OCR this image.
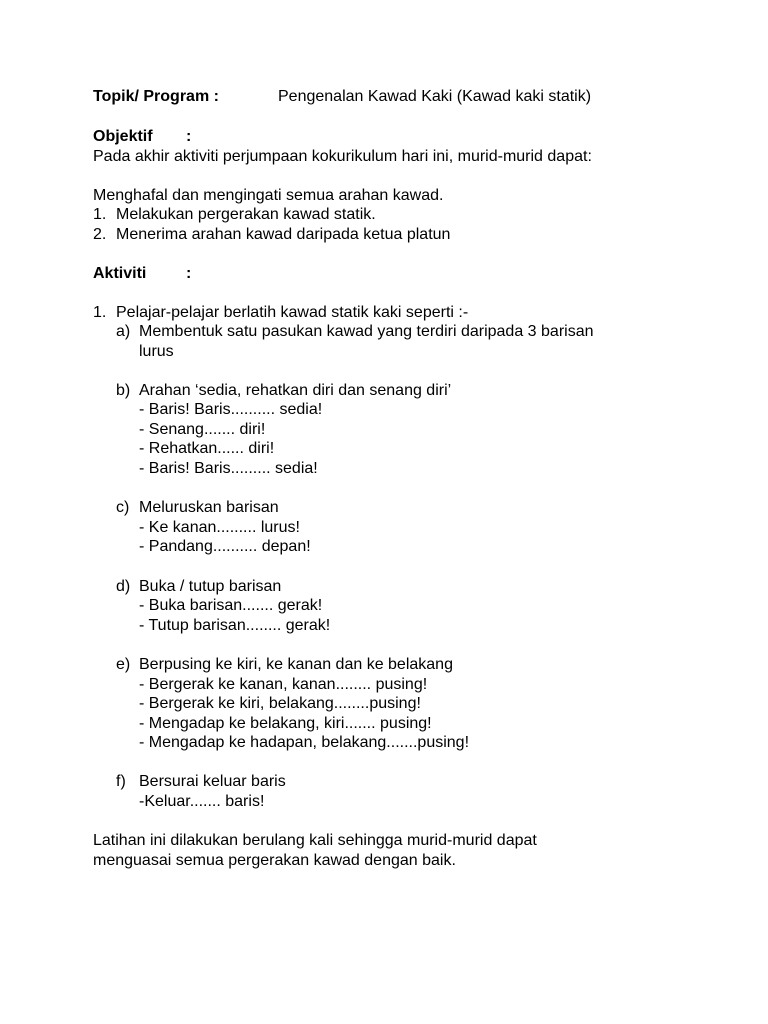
Topik/ Program :	Pengenalan Kawad Kaki (Kawad kaki statik)
Objektif :
Pada akhir aktiviti perjumpaan kokurikulum hari ini, murid-murid dapat:
Menghafal dan mengingati semua arahan kawad.
1. Melakukan pergerakan kawad statik.
2. Menerima arahan kawad daripada ketua platun
Aktiviti :
1. Pelajar-pelajar berlatih kawad statik kaki seperti :-
a) Membentuk satu pasukan kawad yang terdiri daripada 3 barisan
lurus
b) Arahan ‘sedia, rehatkan diri dan senang diri’
- Baris! Baris.......... sedia!
- Senang....... diri!
- Rehatkan...... diri!
- Baris! Baris......... sedia!
c) Meluruskan barisan
- Ke kanan......... lurus!
- Pandang.......... depan!
d) Buka / tutup barisan
- Buka barisan....... gerak!
- Tutup barisan........ gerak!
e) Berpusing ke kiri, ke kanan dan ke belakang
- Bergerak ke kanan, kanan........ pusing!
- Bergerak ke kiri, belakang........pusing!
- Mengadap ke belakang, kiri....... pusing!
- Mengadap ke hadapan, belakang.......pusing!
f) Bersurai keluar baris
-Keluar....... baris!
Latihan ini dilakukan berulang kali sehingga murid-murid dapat
menguasai semua pergerakan kawad dengan baik.
